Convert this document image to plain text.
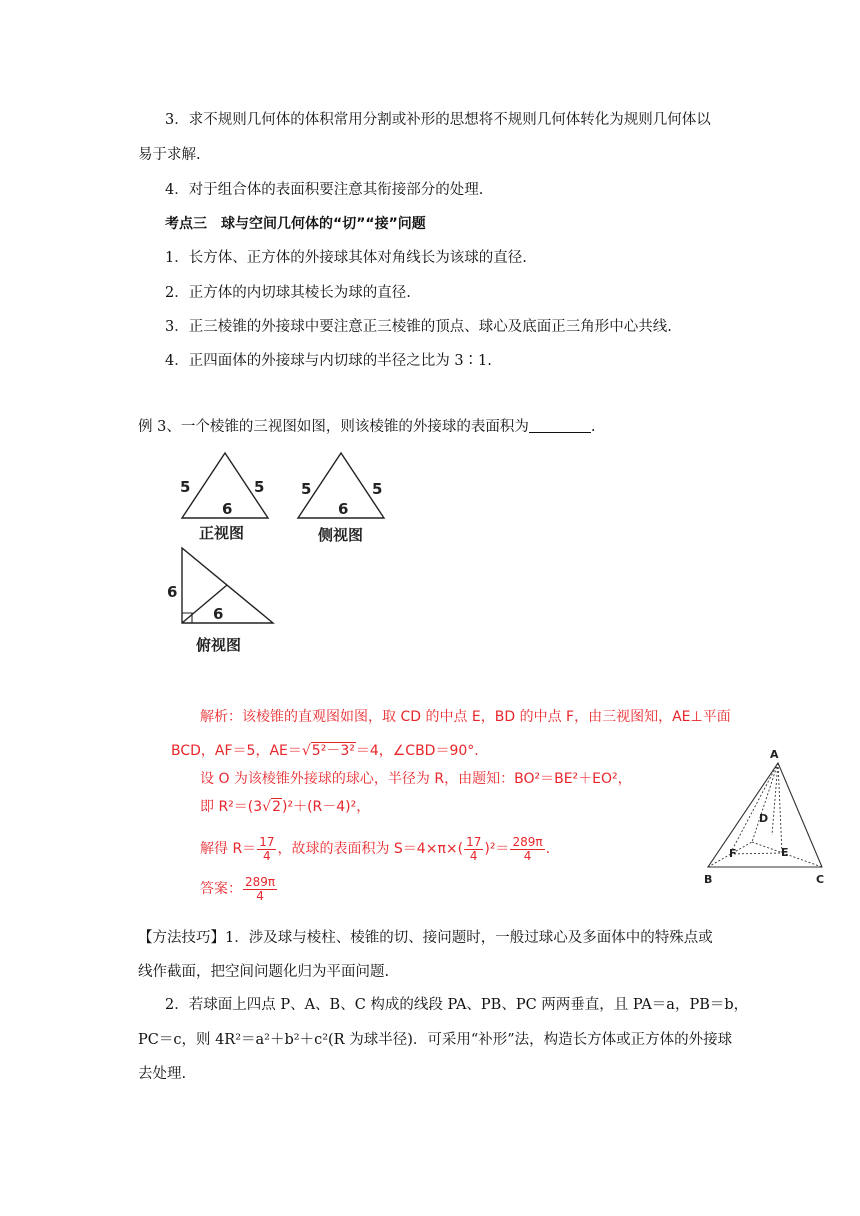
3．求不规则几何体的体积常用分割或补形的思想将不规则几何体转化为规则几何体以
易于求解.
4．对于组合体的表面积要注意其衔接部分的处理.
考点三　球与空间几何体的“切”“接”问题
1．长方体、正方体的外接球其体对角线长为该球的直径.
2．正方体的内切球其棱长为球的直径.
3．正三棱锥的外接球中要注意正三棱锥的顶点、球心及底面正三角形中心共线.
4．正四面体的外接球与内切球的半径之比为 3∶1.
例 3、一个棱锥的三视图如图，则该棱锥的外接球的表面积为	.
5	5
6
正视图
5	5
6
侧视图
6
6
俯视图
解析：该棱锥的直观图如图，取 CD 的中点 E，BD 的中点 F，由三视图知，AE⊥平面
BCD，AF＝5，AE＝√5²－3²＝4，∠CBD＝90°.
设 O 为该棱锥外接球的球心，半径为 R，由题知：BO²＝BE²＋EO²，
即 R²＝(3√2)²＋(R－4)²，
解得 $R= \frac{17}{4}$ ，故球的表面积为 $S=4\times\pi\times( \frac{17}{4} )^2= \frac{289\pi}{4}$ .
答案： $\frac{289\pi}{4}$
A
B	C
D
E
F
【方法技巧】1．涉及球与棱柱、棱锥的切、接问题时，一般过球心及多面体中的特殊点或
线作截面，把空间问题化归为平面问题.
2．若球面上四点 P、A、B、C 构成的线段 PA、PB、PC 两两垂直，且 PA＝a，PB＝b，
PC＝c，则 4R²＝a²＋b²＋c²(R 为球半径)．可采用“补形”法，构造长方体或正方体的外接球
去处理.
